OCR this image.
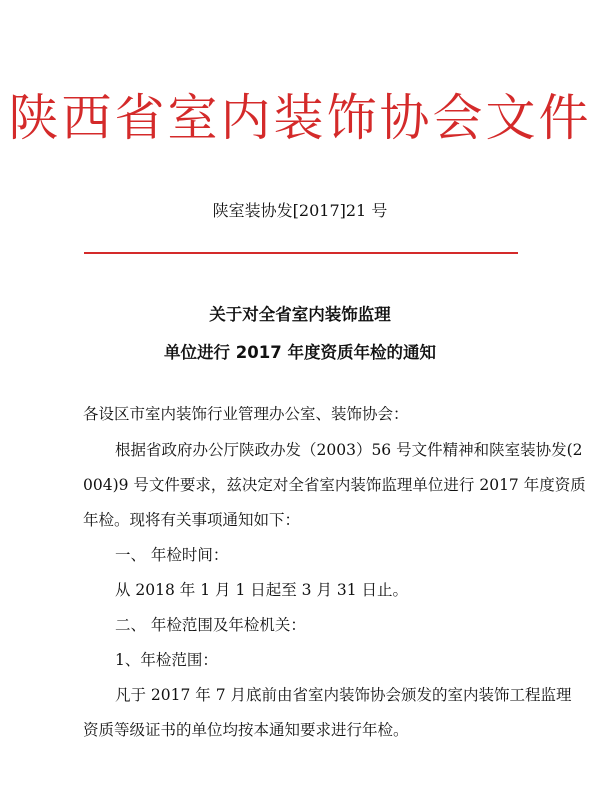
陕西省室内装饰协会文件
陕室装协发[2017]21 号
关于对全省室内装饰监理
单位进行 2017 年度资质年检的通知
各设区市室内装饰行业管理办公室、装饰协会：
根据省政府办公厅陕政办发（2003）56 号文件精神和陕室装协发(2
004)9 号文件要求，兹决定对全省室内装饰监理单位进行 2017 年度资质
年检。现将有关事项通知如下：
一、 年检时间：
从 2018 年 1 月 1 日起至 3 月 31 日止。
二、 年检范围及年检机关：
1、年检范围：
凡于 2017 年 7 月底前由省室内装饰协会颁发的室内装饰工程监理
资质等级证书的单位均按本通知要求进行年检。
